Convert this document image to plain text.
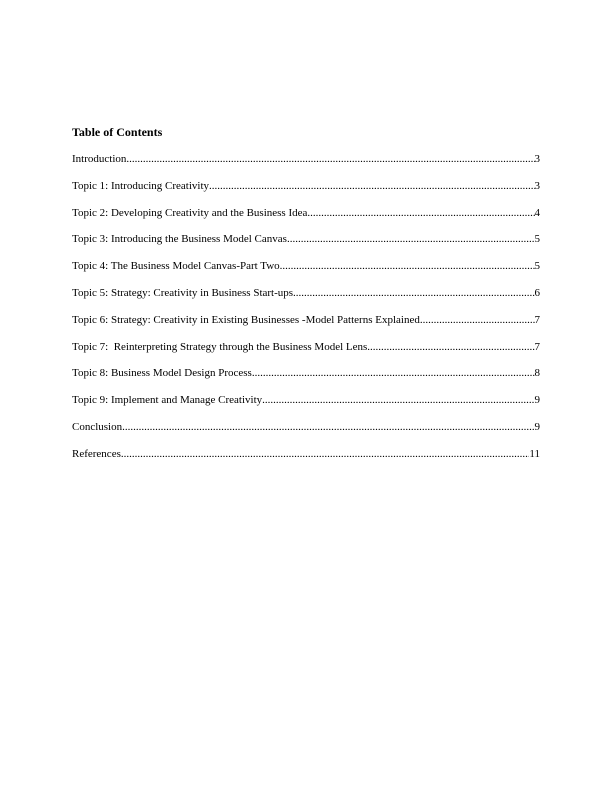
Table of Contents
Introduction .....	3
Topic 1: Introducing Creativity .....	3
Topic 2: Developing Creativity and the Business Idea .....	4
Topic 3: Introducing the Business Model Canvas .....	5
Topic 4: The Business Model Canvas-Part Two .....	5
Topic 5: Strategy: Creativity in Business Start-ups .....	6
Topic 6: Strategy: Creativity in Existing Businesses -Model Patterns Explained .....	7
Topic 7:  Reinterpreting Strategy through the Business Model Lens .....	7
Topic 8: Business Model Design Process .....	8
Topic 9: Implement and Manage Creativity .....	9
Conclusion .....	9
References .....	11
